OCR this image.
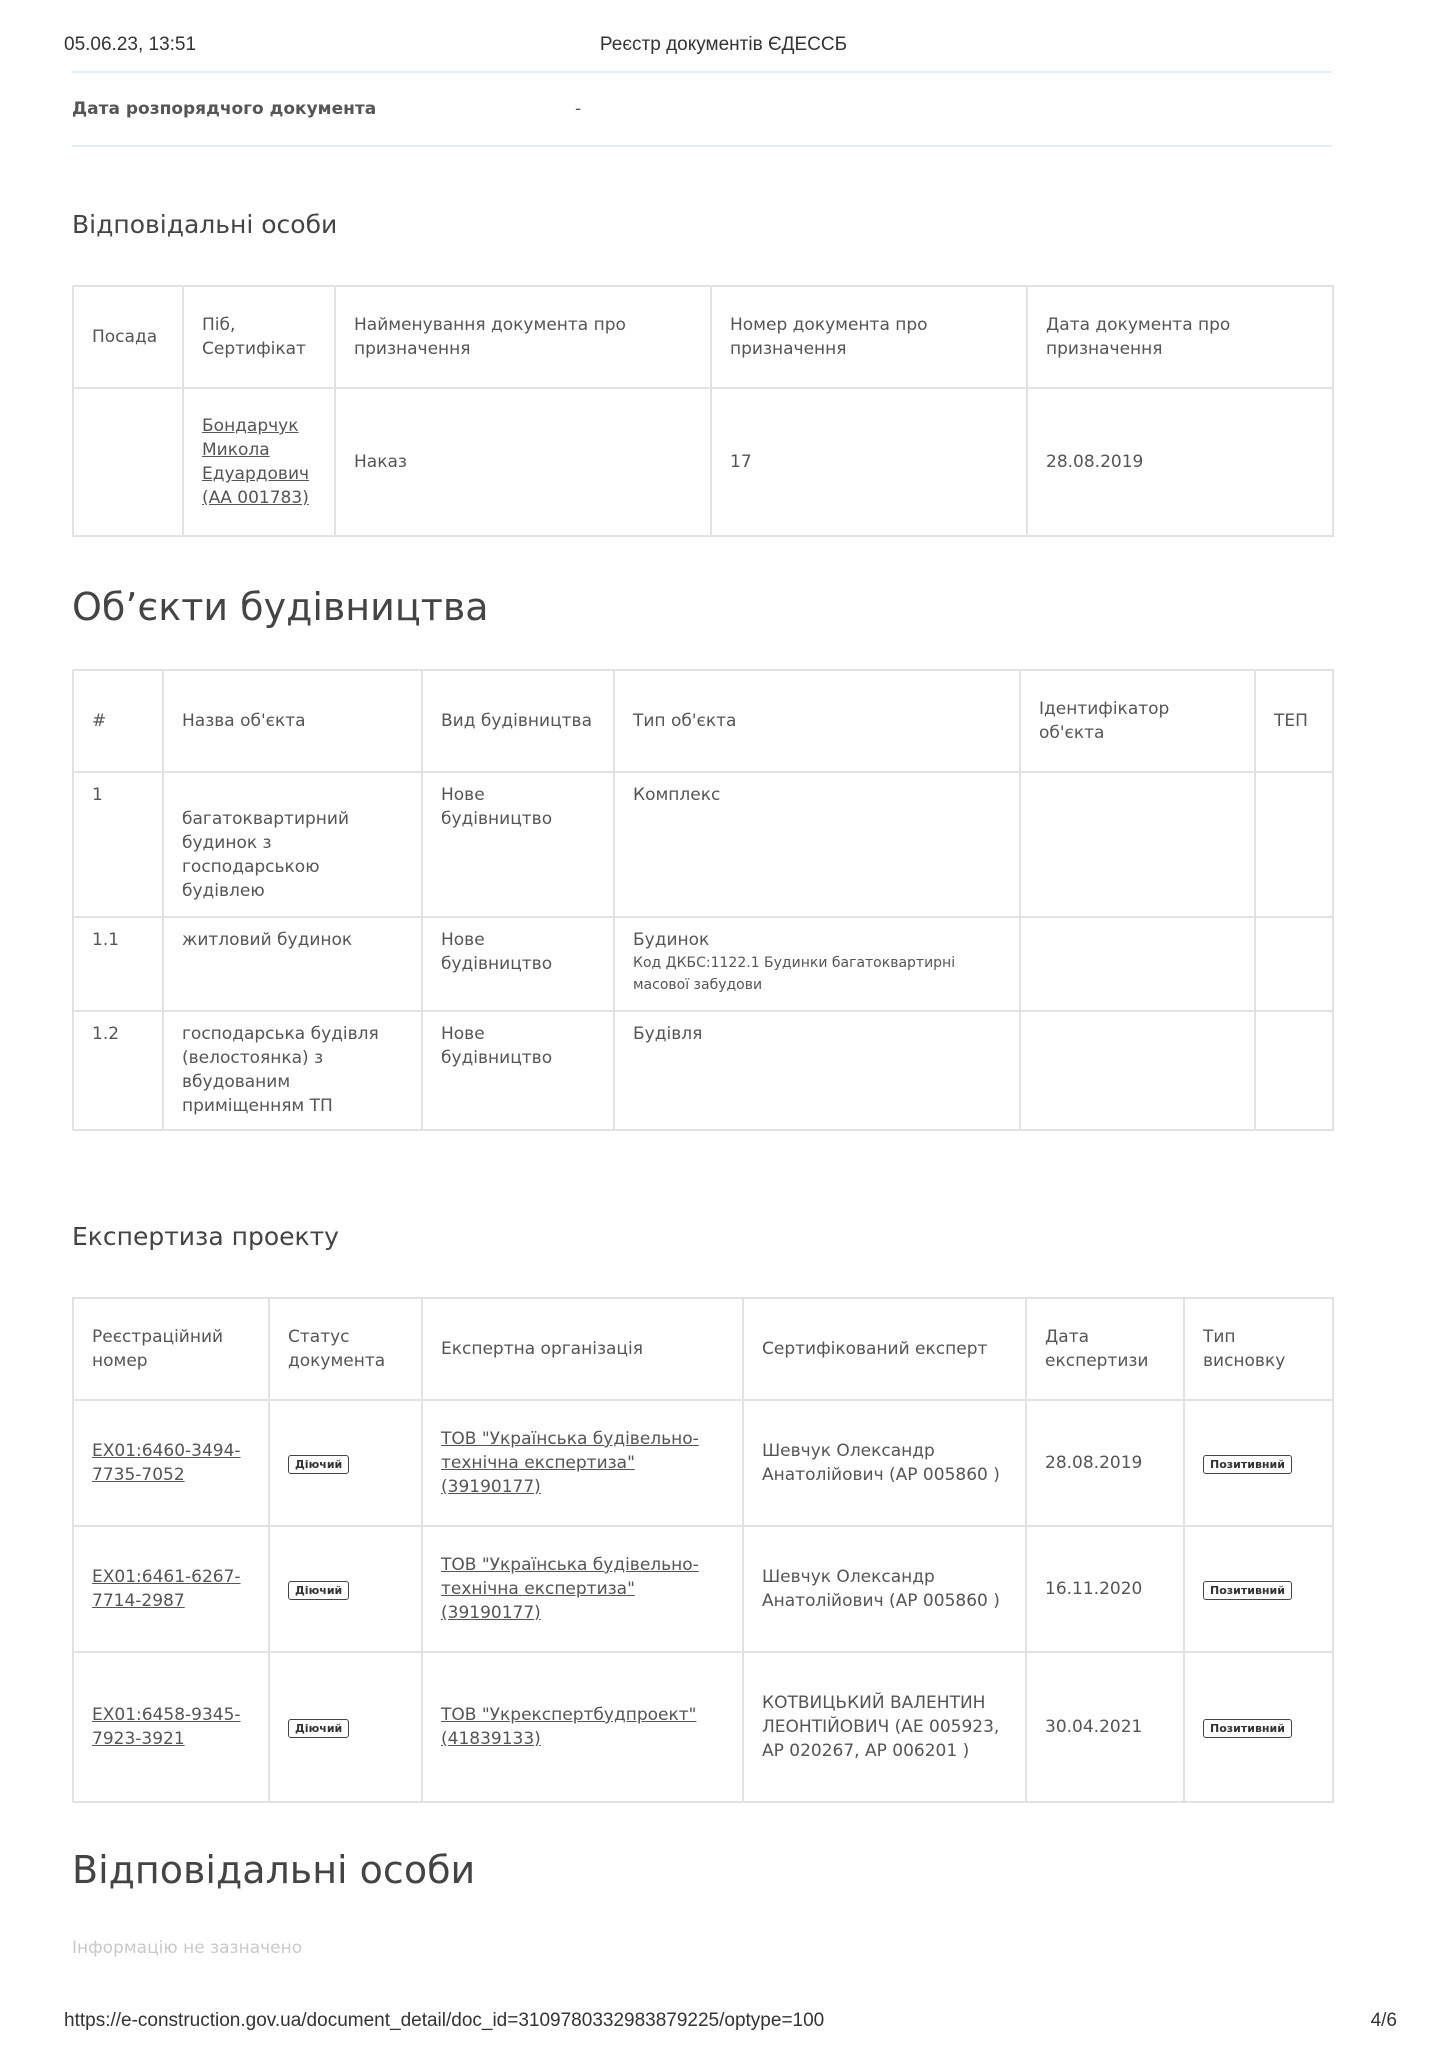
05.06.23, 13:51	Реєстр документів ЄДЕССБ
Дата розпорядчого документа	-
Відповідальні особи
Посада	Піб, Сертифікат	Найменування документа про призначення	Номер документа про призначення	Дата документа про призначення
	Бондарчук Микола Едуардович (АА 001783)	Наказ	17	28.08.2019
Об’єкти будівництва
#	Назва об'єкта	Вид будівництва	Тип об'єкта	Ідентифікатор об'єкта	ТЕП
1	багатоквартирний будинок з господарською будівлею	Нове будівництво	Комплекс		
1.1	житловий будинок	Нове будівництво	Будинок
Код ДКБС:1122.1 Будинки багатоквартирні масової забудови		

1.2	господарська будівля (велостоянка) з вбудованим приміщенням ТП	Нове будівництво	Будівля		
Експертиза проекту
Реєстраційний номер	Статус документа	Експертна організація	Сертифікований експерт	Дата експертизи	Тип висновку
ЕХ01:6460-3494-7735-7052	Діючий	ТОВ "Українська будівельно-технічна експертиза" (39190177)	Шевчук Олександр Анатолійович (АР 005860 )	28.08.2019	Позитивний
ЕХ01:6461-6267-7714-2987	Діючий	ТОВ "Українська будівельно-технічна експертиза" (39190177)	Шевчук Олександр Анатолійович (АР 005860 )	16.11.2020	Позитивний
ЕХ01:6458-9345-7923-3921	Діючий	ТОВ "Укрекспертбудпроект" (41839133)	КОТВИЦЬКИЙ ВАЛЕНТИН ЛЕОНТІЙОВИЧ (АЕ 005923, АР 020267, АР 006201 )	30.04.2021	Позитивний
Відповідальні особи
Інформацію не зазначено
https://e-construction.gov.ua/document_detail/doc_id=3109780332983879225/optype=100	4/6
